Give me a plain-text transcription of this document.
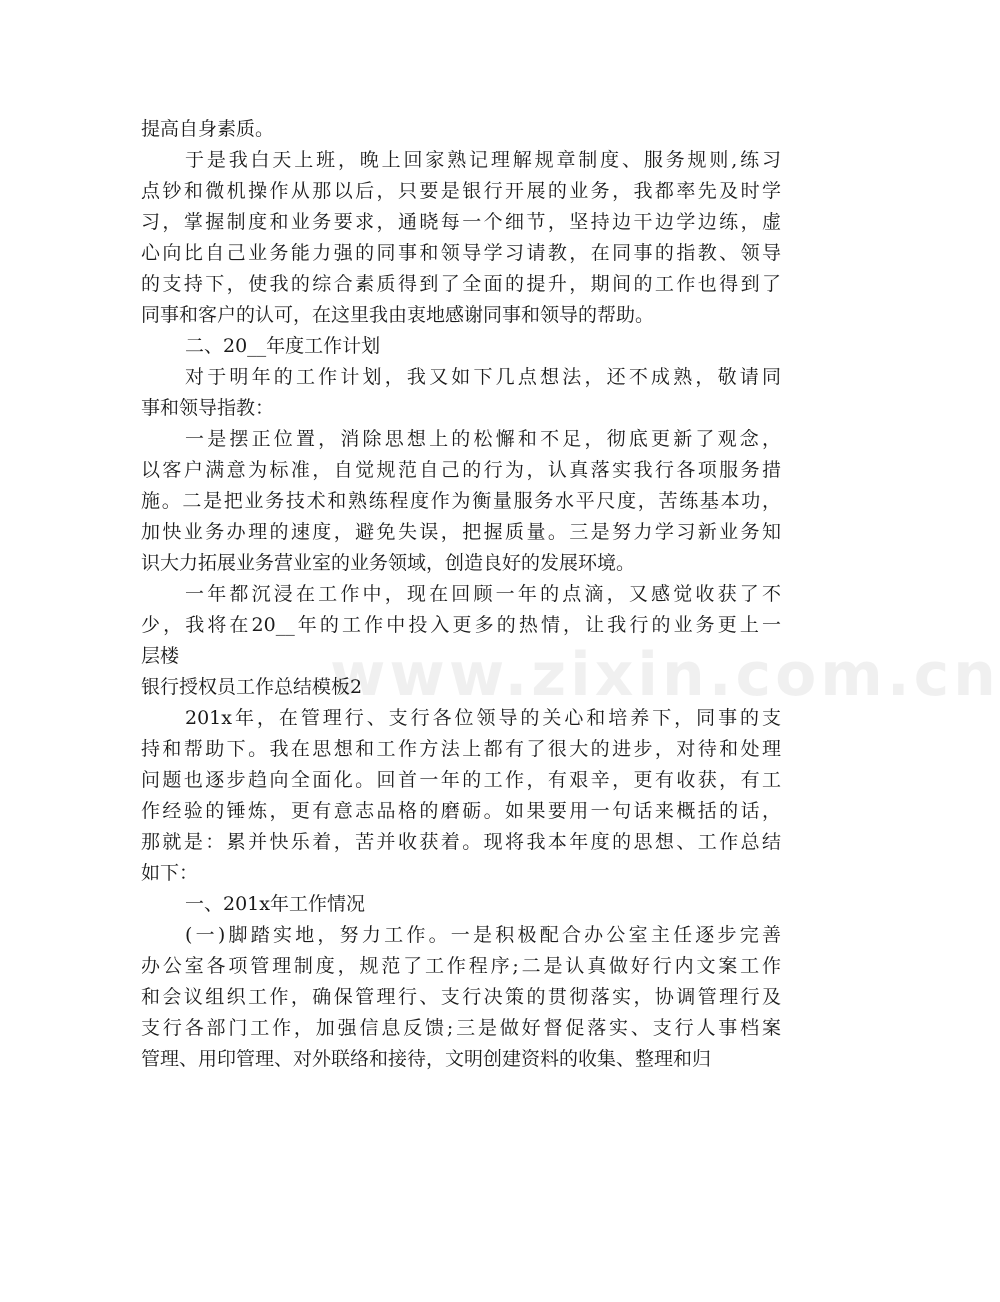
提高自身素质。
于是我白天上班，晚上回家熟记理解规章制度、服务规则,练习
点钞和微机操作从那以后，只要是银行开展的业务，我都率先及时学
习，掌握制度和业务要求，通晓每一个细节，坚持边干边学边练，虚
心向比自己业务能力强的同事和领导学习请教，在同事的指教、领导
的支持下，使我的综合素质得到了全面的提升，期间的工作也得到了
同事和客户的认可，在这里我由衷地感谢同事和领导的帮助。
二、20__年度工作计划
对于明年的工作计划，我又如下几点想法，还不成熟，敬请同
事和领导指教：
一是摆正位置，消除思想上的松懈和不足，彻底更新了观念，
以客户满意为标准，自觉规范自己的行为，认真落实我行各项服务措
施。二是把业务技术和熟练程度作为衡量服务水平尺度，苦练基本功，
加快业务办理的速度，避免失误，把握质量。三是努力学习新业务知
识大力拓展业务营业室的业务领域，创造良好的发展环境。
一年都沉浸在工作中，现在回顾一年的点滴，又感觉收获了不
少，我将在20__年的工作中投入更多的热情，让我行的业务更上一
层楼
银行授权员工作总结模板2
201x年，在管理行、支行各位领导的关心和培养下，同事的支
持和帮助下。我在思想和工作方法上都有了很大的进步，对待和处理
问题也逐步趋向全面化。回首一年的工作，有艰辛，更有收获，有工
作经验的锤炼，更有意志品格的磨砺。如果要用一句话来概括的话，
那就是：累并快乐着，苦并收获着。现将我本年度的思想、工作总结
如下：
一、201x年工作情况
(一)脚踏实地，努力工作。一是积极配合办公室主任逐步完善
办公室各项管理制度，规范了工作程序;二是认真做好行内文案工作
和会议组织工作，确保管理行、支行决策的贯彻落实，协调管理行及
支行各部门工作，加强信息反馈;三是做好督促落实、支行人事档案
管理、用印管理、对外联络和接待，文明创建资料的收集、整理和归
www.zixin.com.cn
